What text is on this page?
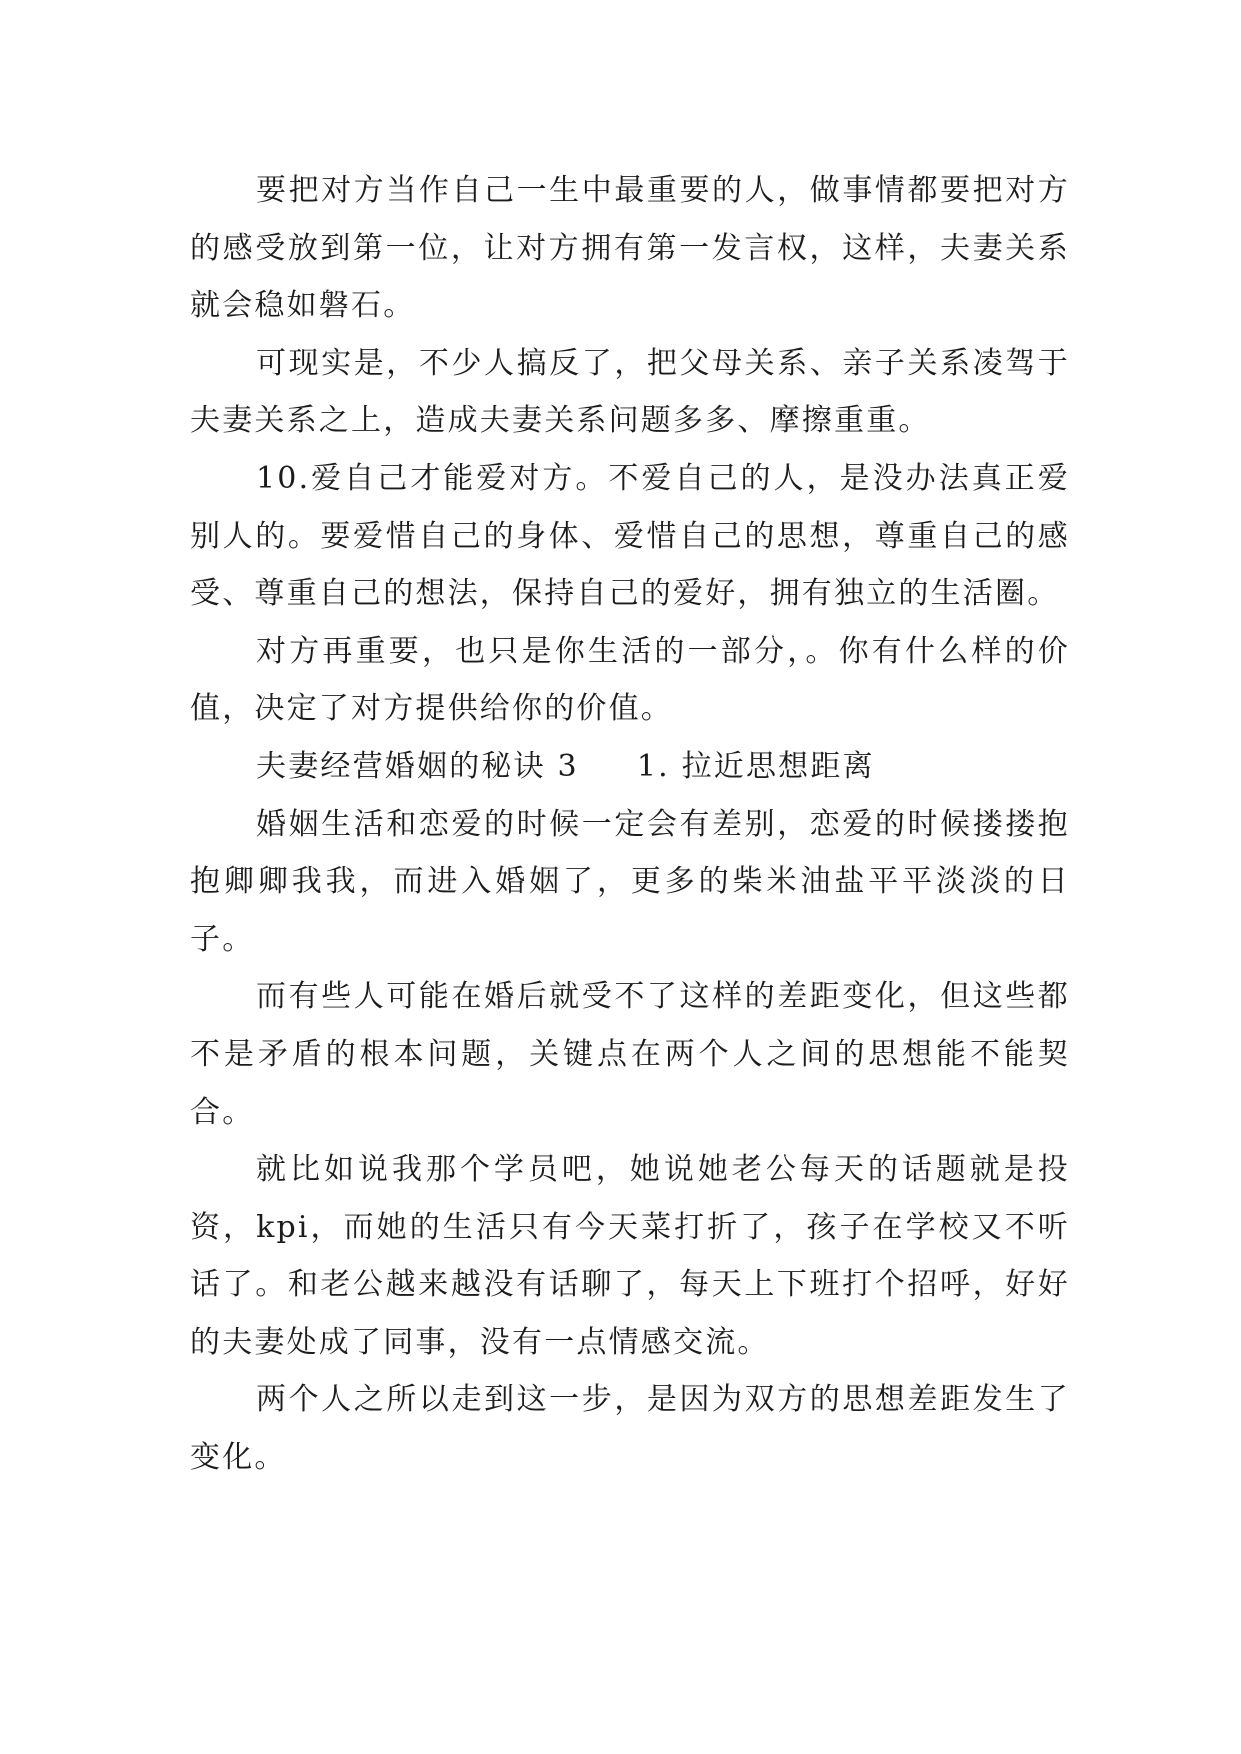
要把对方当作自己一生中最重要的人，做事情都要把对方的感受放到第一位，让对方拥有第一发言权，这样，夫妻关系就会稳如磐石。

可现实是，不少人搞反了，把父母关系、亲子关系凌驾于夫妻关系之上，造成夫妻关系问题多多、摩擦重重。

10.爱自己才能爱对方。不爱自己的人，是没办法真正爱别人的。要爱惜自己的身体、爱惜自己的思想，尊重自己的感受、尊重自己的想法，保持自己的爱好，拥有独立的生活圈。

对方再重要，也只是你生活的一部分，。你有什么样的价值，决定了对方提供给你的价值。

夫妻经营婚姻的秘诀 3 1. 拉近思想距离

婚姻生活和恋爱的时候一定会有差别，恋爱的时候搂搂抱抱卿卿我我，而进入婚姻了，更多的柴米油盐平平淡淡的日子。

而有些人可能在婚后就受不了这样的差距变化，但这些都不是矛盾的根本问题，关键点在两个人之间的思想能不能契合。

就比如说我那个学员吧，她说她老公每天的话题就是投资，kpi，而她的生活只有今天菜打折了，孩子在学校又不听话了。和老公越来越没有话聊了，每天上下班打个招呼，好好的夫妻处成了同事，没有一点情感交流。

两个人之所以走到这一步，是因为双方的思想差距发生了变化。
